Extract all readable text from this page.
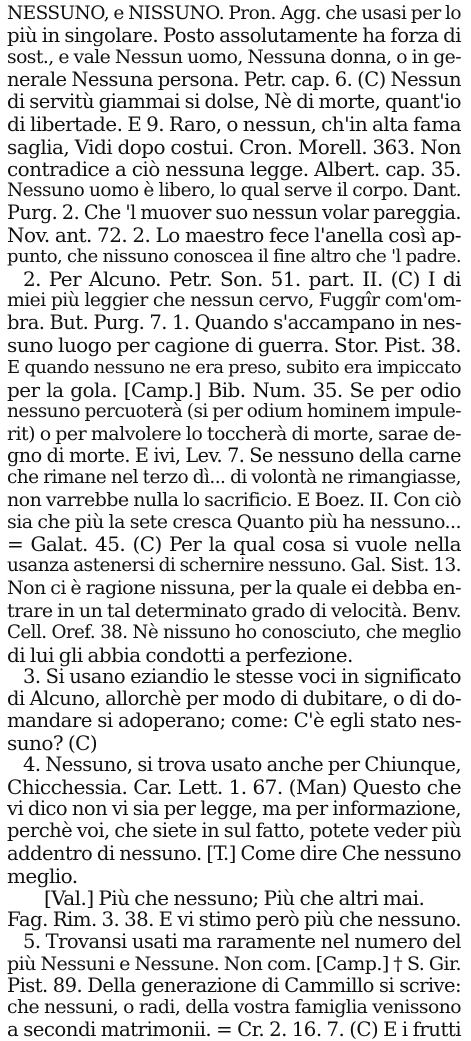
NESSUNO, e NISSUNO. Pron. Agg. che usasi per lo
più in singolare. Posto assolutamente ha forza di
sost., e vale Nessun uomo, Nessuna donna, o in ge-
nerale Nessuna persona. Petr. cap. 6. (C) Nessun
di servitù giammai si dolse, Nè di morte, quant'io
di libertade. E 9. Raro, o nessun, ch'in alta fama
saglia, Vidi dopo costui. Cron. Morell. 363. Non
contradice a ciò nessuna legge. Albert. cap. 35.
Nessuno uomo è libero, lo qual serve il corpo. Dant.
Purg. 2. Che 'l muover suo nessun volar pareggia.
Nov. ant. 72. 2. Lo maestro fece l'anella così ap-
punto, che nissuno conoscea il fine altro che 'l padre.
2. Per Alcuno. Petr. Son. 51. part. II. (C) I di
miei più leggier che nessun cervo, Fuggîr com'om-
bra. But. Purg. 7. 1. Quando s'accampano in nes-
suno luogo per cagione di guerra. Stor. Pist. 38.
E quando nessuno ne era preso, subito era impiccato
per la gola. [Camp.] Bib. Num. 35. Se per odio
nessuno percuoterà (si per odium hominem impule-
rit) o per malvolere lo toccherà di morte, sarae de-
gno di morte. E ivi, Lev. 7. Se nessuno della carne
che rimane nel terzo dì... di volontà ne rimangiasse,
non varrebbe nulla lo sacrificio. E Boez. II. Con ciò
sia che più la sete cresca Quanto più ha nessuno...
= Galat. 45. (C) Per la qual cosa si vuole nella
usanza astenersi di schernire nessuno. Gal. Sist. 13.
Non ci è ragione nissuna, per la quale ei debba en-
trare in un tal determinato grado di velocità. Benv.
Cell. Oref. 38. Nè nissuno ho conosciuto, che meglio
di lui gli abbia condotti a perfezione.
3. Si usano eziandio le stesse voci in significato
di Alcuno, allorchè per modo di dubitare, o di do-
mandare si adoperano; come: C'è egli stato nes-
suno? (C)
4. Nessuno, si trova usato anche per Chiunque,
Chicchessia. Car. Lett. 1. 67. (Man) Questo che
vi dico non vi sia per legge, ma per informazione,
perchè voi, che siete in sul fatto, potete veder più
addentro di nessuno. [T.] Come dire Che nessuno
meglio.
[Val.] Più che nessuno; Più che altri mai.
Fag. Rim. 3. 38. E vi stimo però più che nessuno.
5. Trovansi usati ma raramente nel numero del
più Nessuni e Nessune. Non com. [Camp.] † S. Gir.
Pist. 89. Della generazione di Cammillo si scrive:
che nessuni, o radi, della vostra famiglia venissono
a secondi matrimonii. = Cr. 2. 16. 7. (C) E i frutti
